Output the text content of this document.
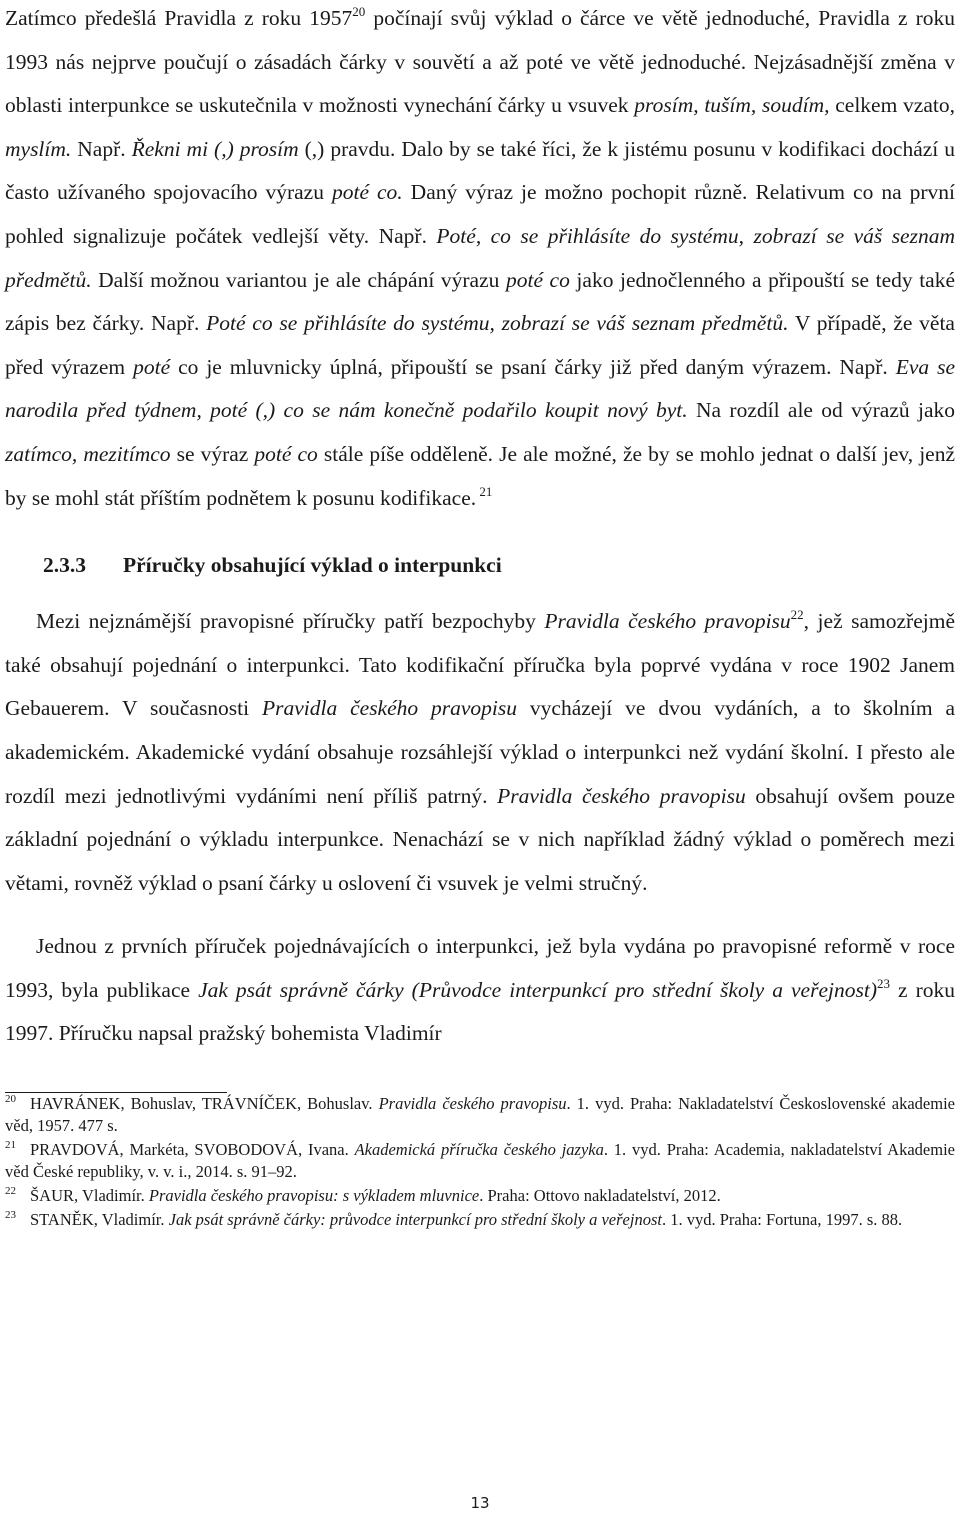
Zatímco předešlá Pravidla z roku 1957$^{20}$ počínají svůj výklad o čárce ve větě jednoduché, Pravidla z roku 1993 nás nejprve poučují o zásadách čárky v souvětí a až poté ve větě jednoduché. Nejzásadnější změna v oblasti interpunkce se uskutečnila v možnosti vynechání čárky u vsuvek prosím, tuším, soudím, celkem vzato, myslím. Např. Řekni mi (,) prosím (,) pravdu. Dalo by se také říci, že k jistému posunu v kodifikaci dochází u často užívaného spojovacího výrazu poté co. Daný výraz je možno pochopit různě. Relativum co na první pohled signalizuje počátek vedlejší věty. Např. Poté, co se přihlásíte do systému, zobrazí se váš seznam předmětů. Další možnou variantou je ale chápání výrazu poté co jako jednočlenného a připouští se tedy také zápis bez čárky. Např. Poté co se přihlásíte do systému, zobrazí se váš seznam předmětů. V případě, že věta před výrazem poté co je mluvnicky úplná, připouští se psaní čárky již před daným výrazem. Např. Eva se narodila před týdnem, poté (,) co se nám konečně podařilo koupit nový byt. Na rozdíl ale od výrazů jako zatímco, mezitímco se výraz poté co stále píše odděleně. Je ale možné, že by se mohlo jednat o další jev, jenž by se mohl stát příštím podnětem k posunu kodifikace. $^{21}$

2.3.3 Příručky obsahující výklad o interpunkci

Mezi nejznámější pravopisné příručky patří bezpochyby Pravidla českého pravopisu$^{22}$, jež samozřejmě také obsahují pojednání o interpunkci. Tato kodifikační příručka byla poprvé vydána v roce 1902 Janem Gebauerem. V současnosti Pravidla českého pravopisu vycházejí ve dvou vydáních, a to školním a akademickém. Akademické vydání obsahuje rozsáhlejší výklad o interpunkci než vydání školní. I přesto ale rozdíl mezi jednotlivými vydáními není příliš patrný. Pravidla českého pravopisu obsahují ovšem pouze základní pojednání o výkladu interpunkce. Nenachází se v nich například žádný výklad o poměrech mezi větami, rovněž výklad o psaní čárky u oslovení či vsuvek je velmi stručný.

Jednou z prvních příruček pojednávajících o interpunkci, jež byla vydána po pravopisné reformě v roce 1993, byla publikace Jak psát správně čárky (Průvodce interpunkcí pro střední školy a veřejnost)$^{23}$ z roku 1997. Příručku napsal pražský bohemista Vladimír

$^{20}$ HAVRÁNEK, Bohuslav, TRÁVNÍČEK, Bohuslav. Pravidla českého pravopisu. 1. vyd. Praha: Nakladatelství Československé akademie věd, 1957. 477 s.

$^{21}$ PRAVDOVÁ, Markéta, SVOBODOVÁ, Ivana. Akademická příručka českého jazyka. 1. vyd. Praha: Academia, nakladatelství Akademie věd České republiky, v. v. i., 2014. s. 91–92.

$^{22}$ ŠAUR, Vladimír. Pravidla českého pravopisu: s výkladem mluvnice. Praha: Ottovo nakladatelství, 2012.

$^{23}$ STANĚK, Vladimír. Jak psát správně čárky: průvodce interpunkcí pro střední školy a veřejnost. 1. vyd. Praha: Fortuna, 1997. s. 88.

13
